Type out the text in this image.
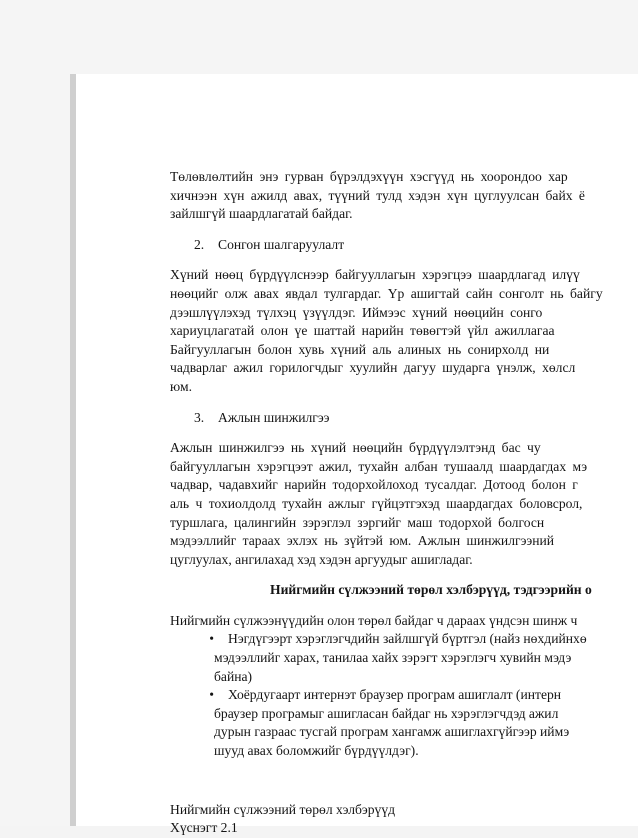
Төлөвлөлтийн энэ гурван бүрэлдэхүүн хэсгүүд нь хоорондоо хар
хичнээн хүн ажилд авах, түүний тулд хэдэн хүн цуглуулсан байх ё
зайлшгүй шаардлагатай байдаг.
2. Сонгон шалгаруулалт
Хүний нөөц бүрдүүлснээр байгууллагын хэрэгцээ шаардлагад илүү
нөөцийг олж авах явдал тулгардаг. Үр ашигтай сайн сонголт нь байгу
дээшлүүлэхэд түлхэц үзүүлдэг. Иймээс хүний нөөцийн сонго
хариуцлагатай олон үе шаттай нарийн төвөгтэй үйл ажиллагаа
Байгууллагын болон хувь хүний аль алиных нь сонирхолд ни
чадварлаг ажил горилогчдыг хуулийн дагуу шударга үнэлж, хөлсл
юм.
3. Ажлын шинжилгээ
Ажлын шинжилгээ нь хүний нөөцийн бүрдүүлэлтэнд бас чу
байгууллагын хэрэгцээт ажил, тухайн албан тушаалд шаардагдах мэ
чадвар, чадавхийг нарийн тодорхойлоход тусалдаг. Дотоод болон г
аль ч тохиолдолд тухайн ажлыг гүйцэтгэхэд шаардагдах боловсрол,
туршлага, цалингийн зэрэглэл зэргийг маш тодорхой болгосн
мэдээллийг тараах эхлэх нь зүйтэй юм. Ажлын шинжилгээний
цуглуулах, ангилахад хэд хэдэн аргуудыг ашигладаг.
Нийгмийн сүлжээний төрөл хэлбэрүүд, тэдгээрийн о
Нийгмийн сүлжээнүүдийн олон төрөл байдаг ч дараах үндсэн шинж ч
• Нэгдүгээрт хэрэглэгчдийн зайлшгүй бүртгэл (найз нөхдийнхө
мэдээллийг харах, танилаа хайх зэрэгт хэрэглэгч хувийн мэдэ
байна)
• Хоёрдугаарт интернэт браузер програм ашиглалт (интерн
браузер програмыг ашигласан байдаг нь хэрэглэгчдэд ажил
дурын газраас тусгай програм хангамж ашиглахгүйгээр иймэ
шууд авах боломжийг бүрдүүлдэг).
Нийгмийн сүлжээний төрөл хэлбэрүүд
Хүснэгт 2.1
